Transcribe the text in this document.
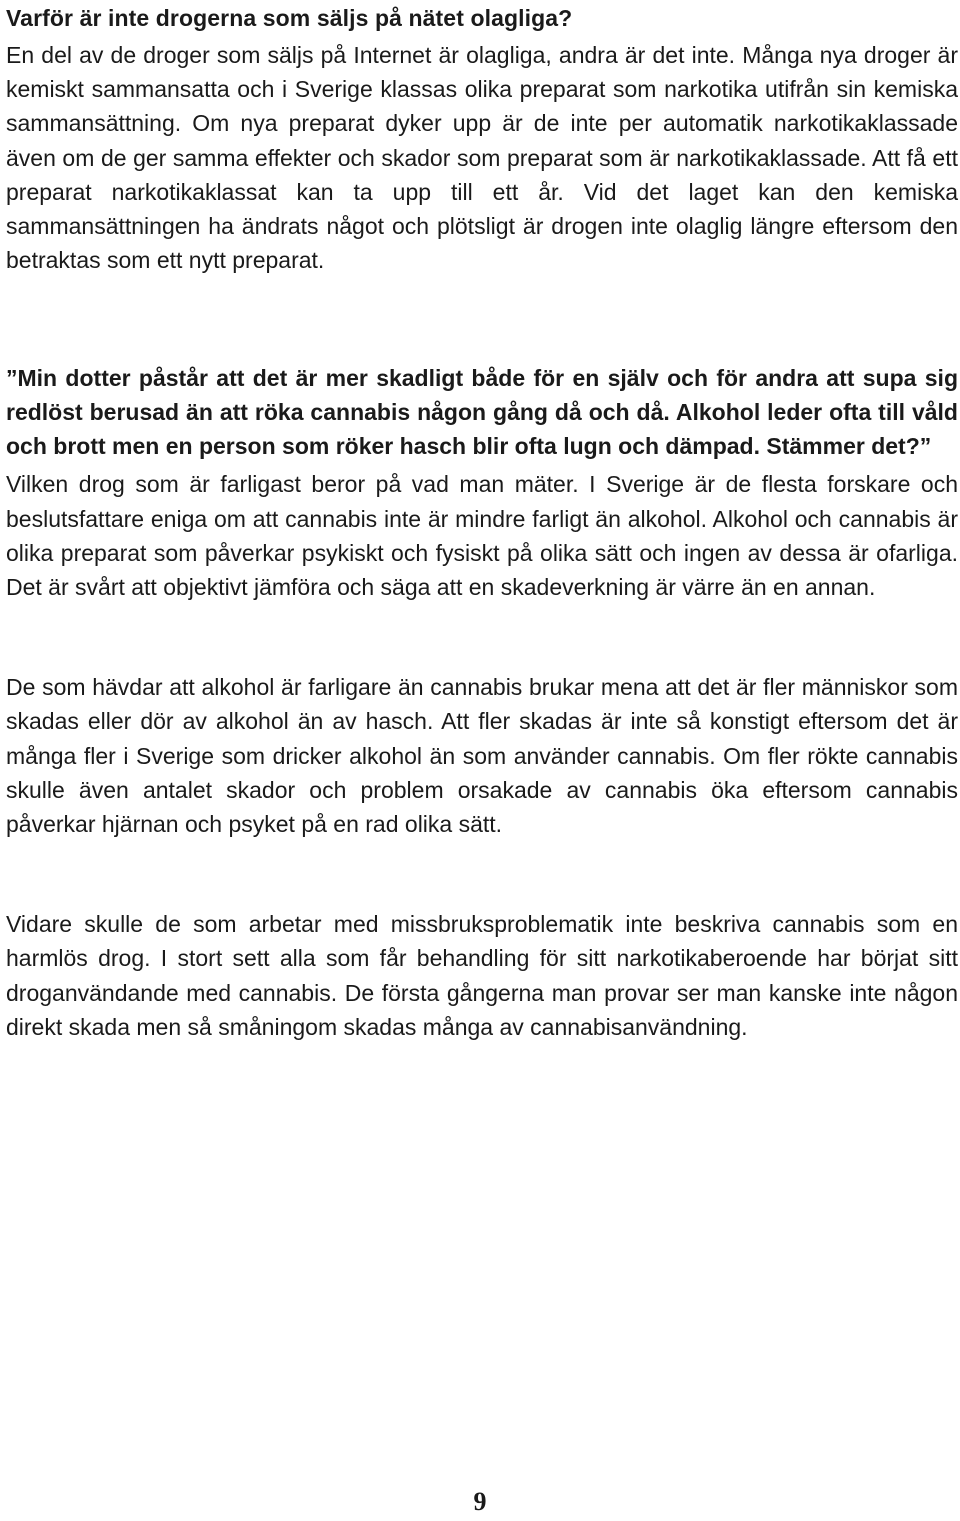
Varför är inte drogerna som säljs på nätet olagliga?

En del av de droger som säljs på Internet är olagliga, andra är det inte. Många nya droger är kemiskt sammansatta och i Sverige klassas olika preparat som narkotika utifrån sin kemiska sammansättning. Om nya preparat dyker upp är de inte per automatik narkotikaklassade även om de ger samma effekter och skador som preparat som är narkotikaklassade. Att få ett preparat narkotikaklassat kan ta upp till ett år. Vid det laget kan den kemiska sammansättningen ha ändrats något och plötsligt är drogen inte olaglig längre eftersom den betraktas som ett nytt preparat.

”Min dotter påstår att det är mer skadligt både för en själv och för andra att supa sig redlöst berusad än att röka cannabis någon gång då och då. Alkohol leder ofta till våld och brott men en person som röker hasch blir ofta lugn och dämpad. Stämmer det?”

Vilken drog som är farligast beror på vad man mäter. I Sverige är de flesta forskare och beslutsfattare eniga om att cannabis inte är mindre farligt än alkohol. Alkohol och cannabis är olika preparat som påverkar psykiskt och fysiskt på olika sätt och ingen av dessa är ofarliga. Det är svårt att objektivt jämföra och säga att en skadeverkning är värre än en annan.

De som hävdar att alkohol är farligare än cannabis brukar mena att det är fler människor som skadas eller dör av alkohol än av hasch. Att fler skadas är inte så konstigt eftersom det är många fler i Sverige som dricker alkohol än som använder cannabis. Om fler rökte cannabis skulle även antalet skador och problem orsakade av cannabis öka eftersom cannabis påverkar hjärnan och psyket på en rad olika sätt.

Vidare skulle de som arbetar med missbruksproblematik inte beskriva cannabis som en harmlös drog. I stort sett alla som får behandling för sitt narkotikaberoende har börjat sitt droganvändande med cannabis. De första gångerna man provar ser man kanske inte någon direkt skada men så småningom skadas många av cannabisanvändning.

9
